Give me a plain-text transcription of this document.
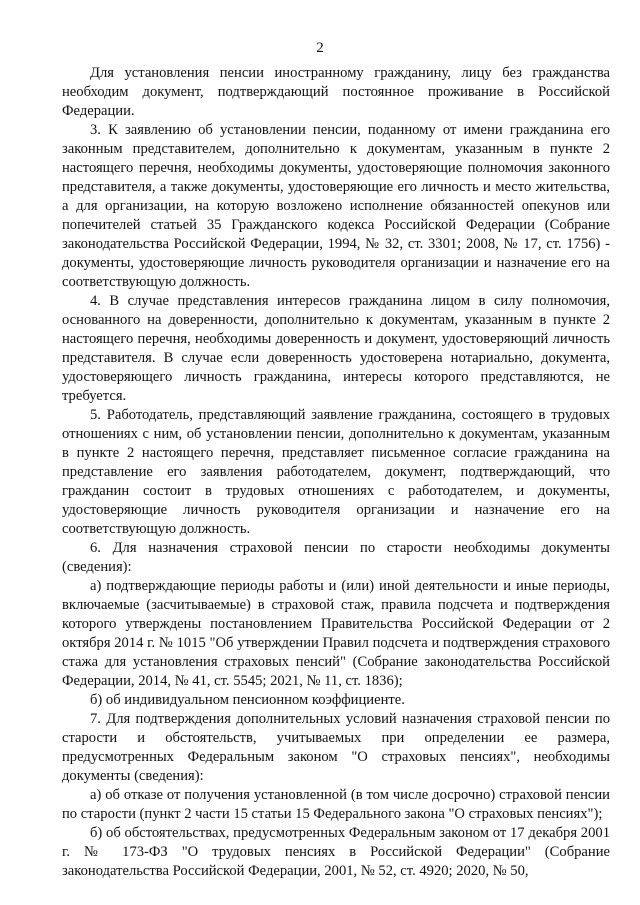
2

Для установления пенсии иностранному гражданину, лицу без гражданства необходим документ, подтверждающий постоянное проживание в Российской Федерации.

3. К заявлению об установлении пенсии, поданному от имени гражданина его законным представителем, дополнительно к документам, указанным в пункте 2 настоящего перечня, необходимы документы, удостоверяющие полномочия законного представителя, а также документы, удостоверяющие его личность и место жительства, а для организации, на которую возложено исполнение обязанностей опекунов или попечителей статьей 35 Гражданского кодекса Российской Федерации (Собрание законодательства Российской Федерации, 1994, № 32, ст. 3301; 2008, № 17, ст. 1756) - документы, удостоверяющие личность руководителя организации и назначение его на соответствующую должность.

4. В случае представления интересов гражданина лицом в силу полномочия, основанного на доверенности, дополнительно к документам, указанным в пункте 2 настоящего перечня, необходимы доверенность и документ, удостоверяющий личность представителя. В случае если доверенность удостоверена нотариально, документа, удостоверяющего личность гражданина, интересы которого представляются, не требуется.

5. Работодатель, представляющий заявление гражданина, состоящего в трудовых отношениях с ним, об установлении пенсии, дополнительно к документам, указанным в пункте 2 настоящего перечня, представляет письменное согласие гражданина на представление его заявления работодателем, документ, подтверждающий, что гражданин состоит в трудовых отношениях с работодателем, и документы, удостоверяющие личность руководителя организации и назначение его на соответствующую должность.

6. Для назначения страховой пенсии по старости необходимы документы (сведения):

а) подтверждающие периоды работы и (или) иной деятельности и иные периоды, включаемые (засчитываемые) в страховой стаж, правила подсчета и подтверждения которого утверждены постановлением Правительства Российской Федерации от 2 октября 2014 г. № 1015 "Об утверждении Правил подсчета и подтверждения страхового стажа для установления страховых пенсий" (Собрание законодательства Российской Федерации, 2014, № 41, ст. 5545; 2021, № 11, ст. 1836);

б) об индивидуальном пенсионном коэффициенте.

7. Для подтверждения дополнительных условий назначения страховой пенсии по старости и обстоятельств, учитываемых при определении ее размера, предусмотренных Федеральным законом "О страховых пенсиях", необходимы документы (сведения):

а) об отказе от получения установленной (в том числе досрочно) страховой пенсии по старости (пункт 2 части 15 статьи 15 Федерального закона "О страховых пенсиях");

б) об обстоятельствах, предусмотренных Федеральным законом от 17 декабря 2001 г. № 173-ФЗ "О трудовых пенсиях в Российской Федерации" (Собрание законодательства Российской Федерации, 2001, № 52, ст. 4920; 2020, № 50,
